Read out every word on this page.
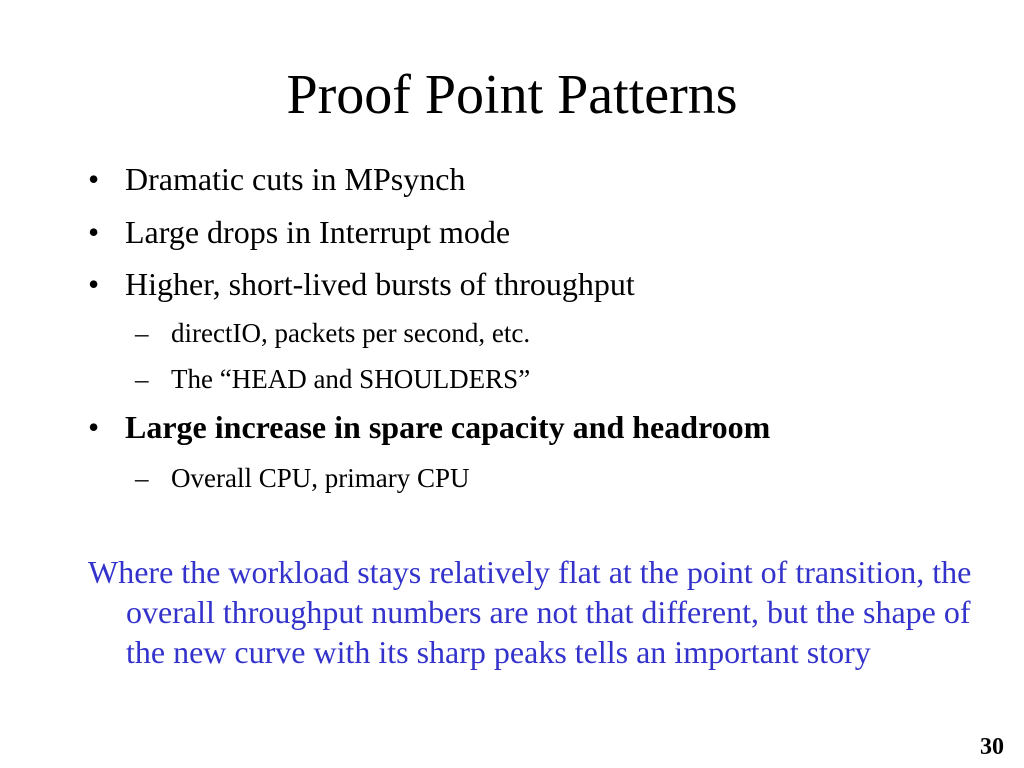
Proof Point Patterns
• Dramatic cuts in MPsynch
• Large drops in Interrupt mode
• Higher, short-lived bursts of throughput
– directIO, packets per second, etc.
– The “HEAD and SHOULDERS”
• Large increase in spare capacity and headroom
– Overall CPU, primary CPU

Where the workload stays relatively flat at the point of transition, the overall throughput numbers are not that different, but the shape of the new curve with its sharp peaks tells an important story

30
